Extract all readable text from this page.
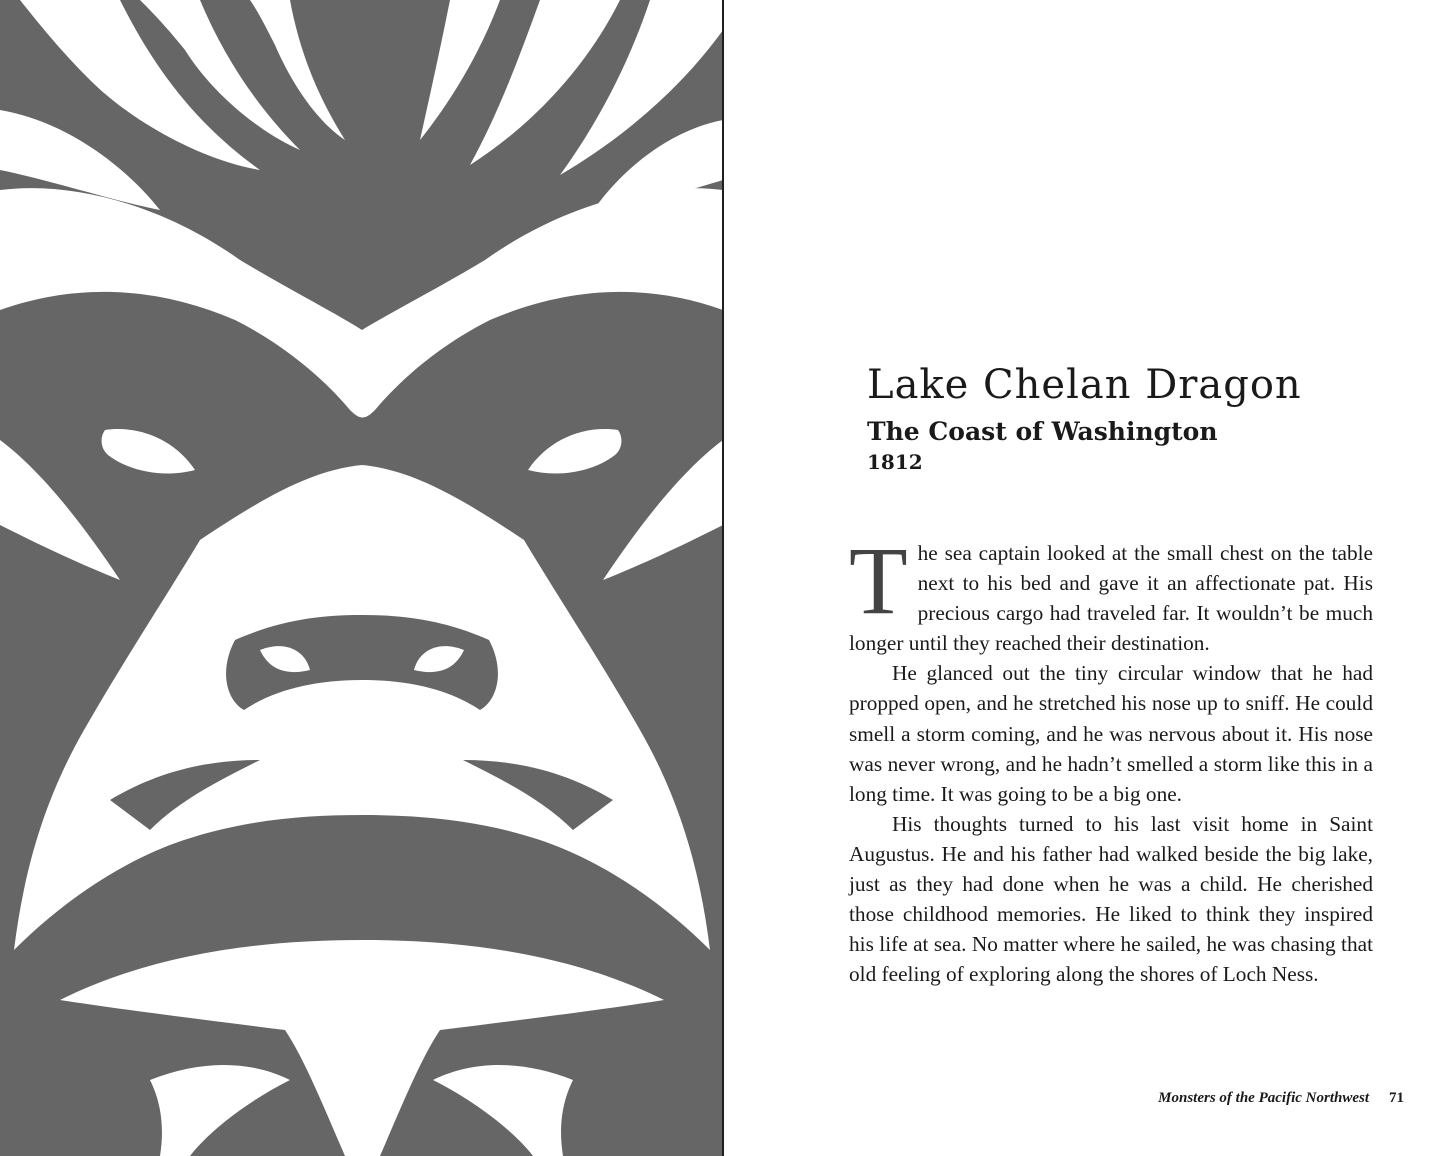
Lake Chelan Dragon
The Coast of Washington
1812

The sea captain looked at the small chest on the table next to his bed and gave it an affectionate pat. His precious cargo had traveled far. It wouldn’t be much longer until they reached their destination.

He glanced out the tiny circular window that he had propped open, and he stretched his nose up to sniff. He could smell a storm coming, and he was nervous about it. His nose was never wrong, and he hadn’t smelled a storm like this in a long time. It was going to be a big one.

His thoughts turned to his last visit home in Saint Augustus. He and his father had walked beside the big lake, just as they had done when he was a child. He cherished those childhood memories. He liked to think they inspired his life at sea. No matter where he sailed, he was chasing that old feeling of exploring along the shores of Loch Ness.

Monsters of the Pacific Northwest 71
